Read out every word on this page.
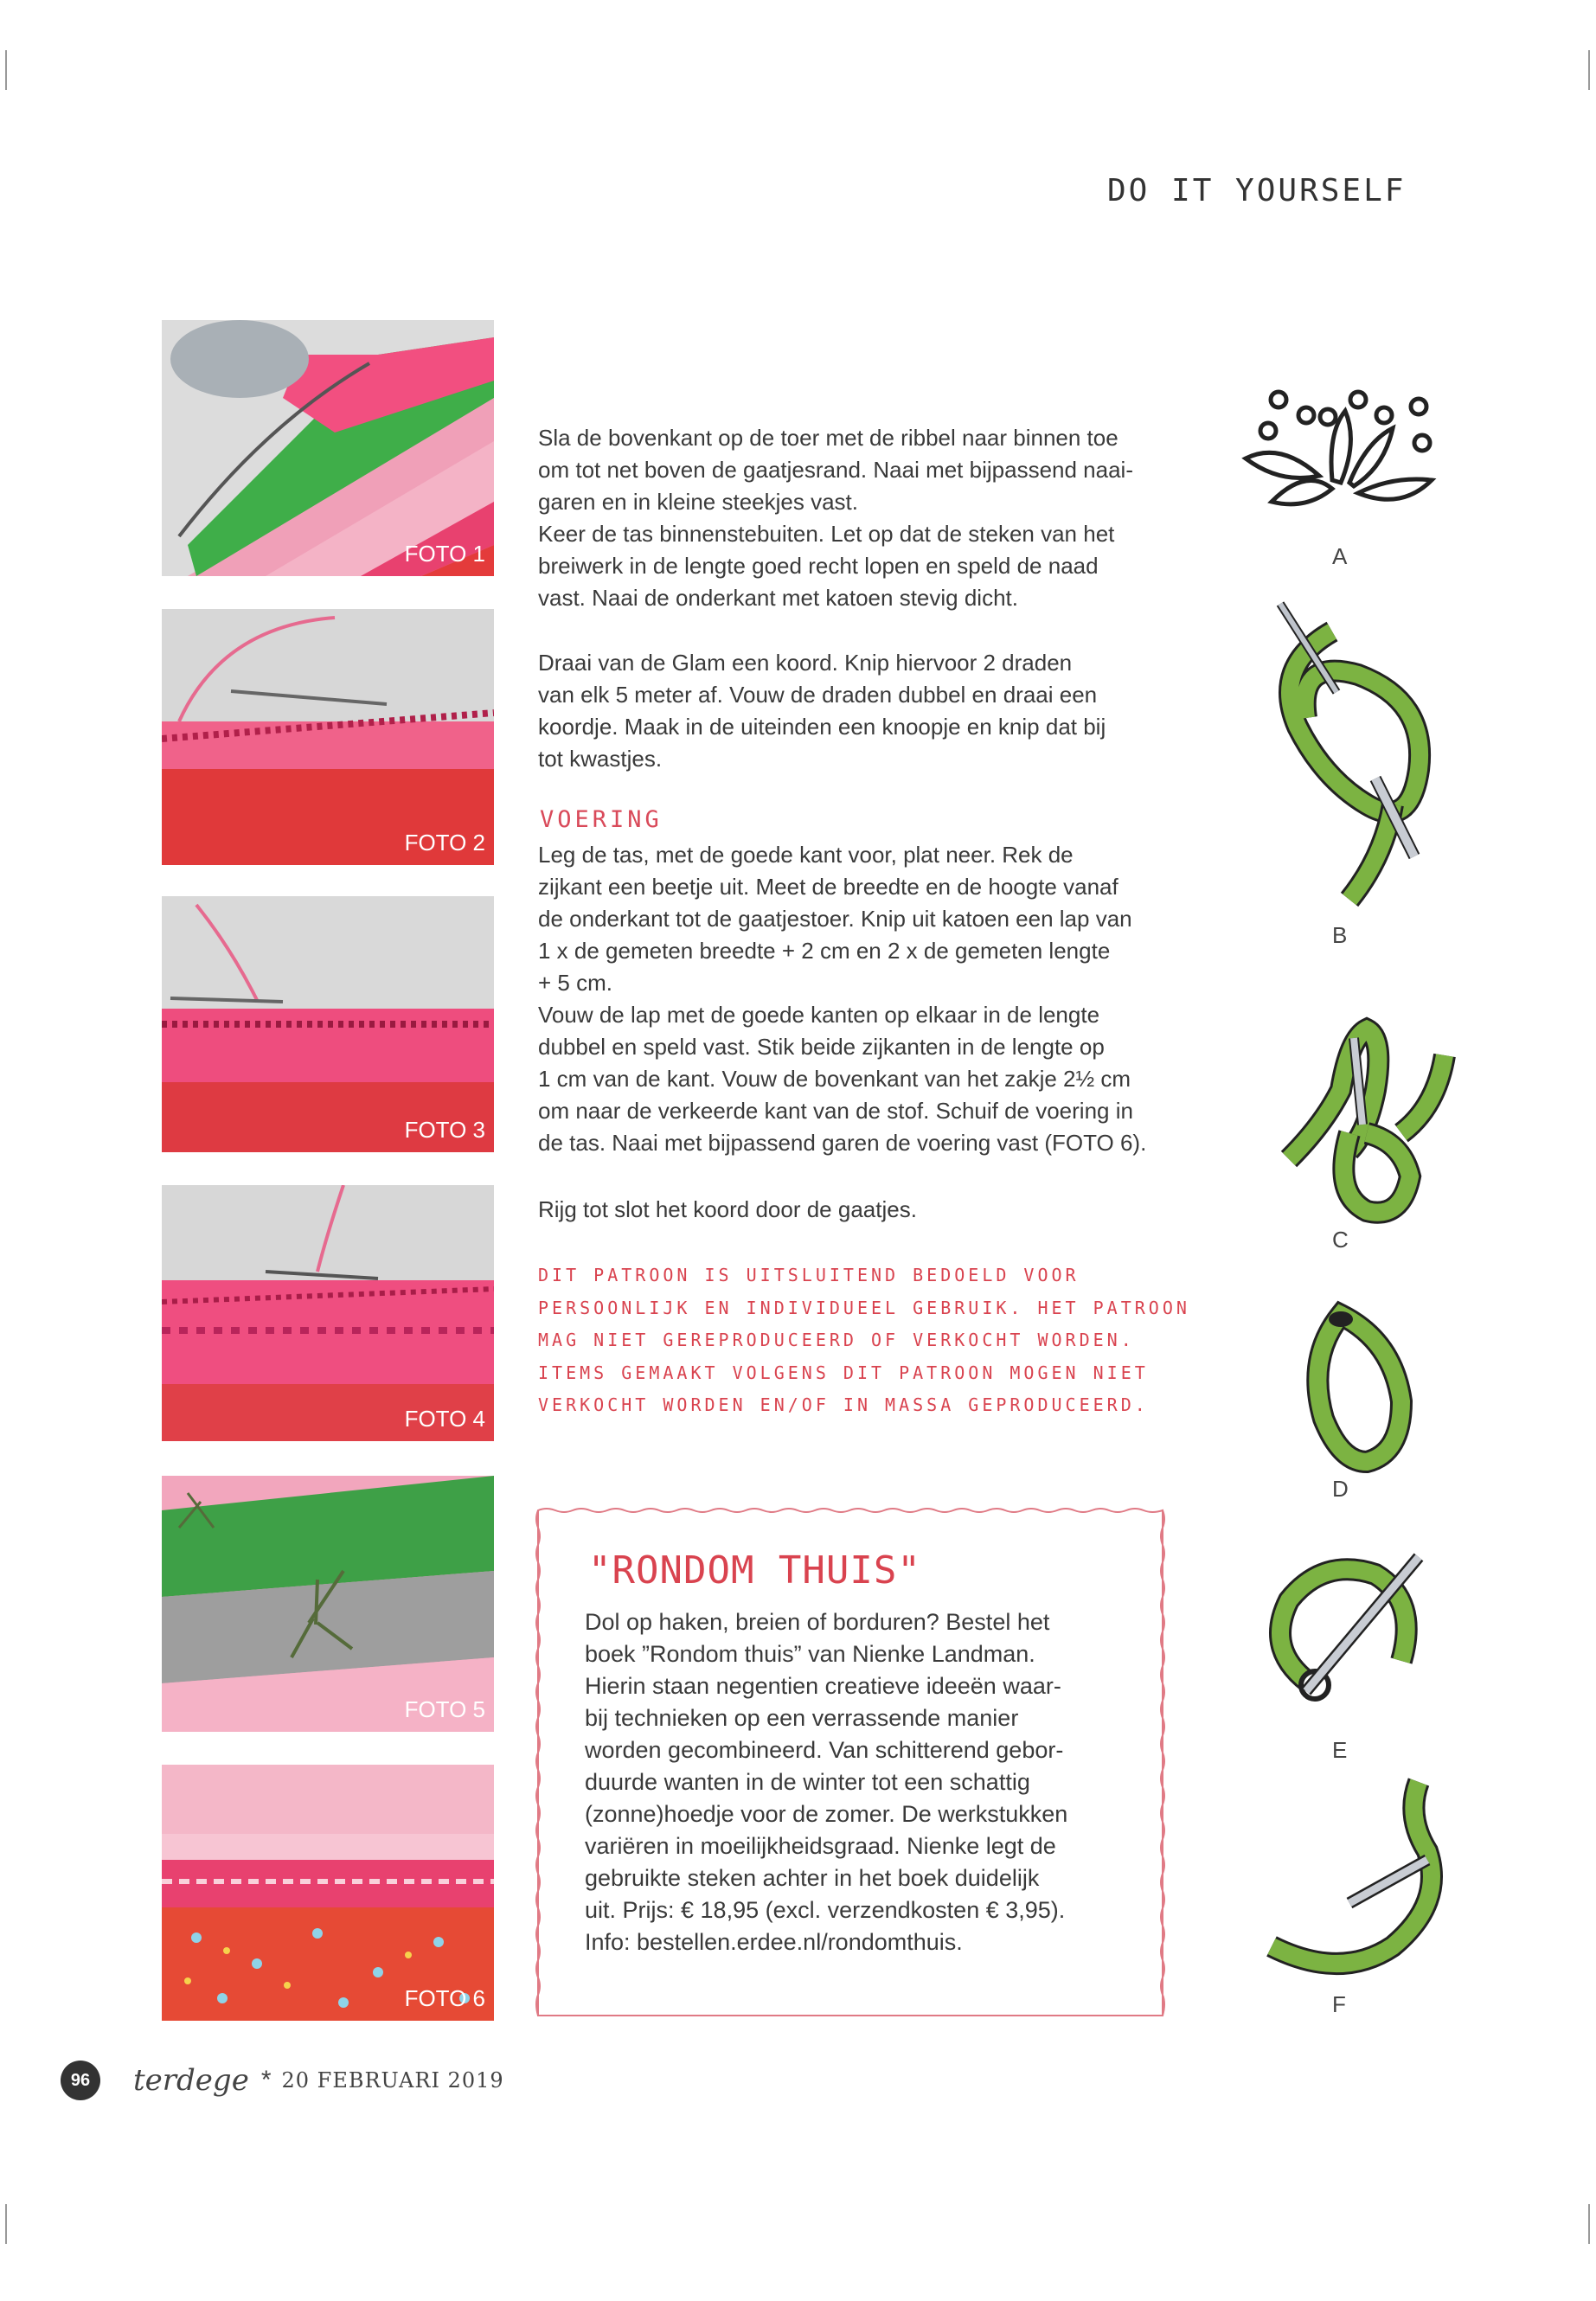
DO IT YOURSELF
FOTO 1
FOTO 2
FOTO 3
FOTO 4
FOTO 5
FOTO 6

Sla de bovenkant op de toer met de ribbel naar binnen toe

om tot net boven de gaatjesrand. Naai met bijpassend naai-

garen en in kleine steekjes vast.

Keer de tas binnenstebuiten. Let op dat de steken van het

breiwerk in de lengte goed recht lopen en speld de naad

vast. Naai de onderkant met katoen stevig dicht.

Draai van de Glam een koord. Knip hiervoor 2 draden

van elk 5 meter af. Vouw de draden dubbel en draai een

koordje. Maak in de uiteinden een knoopje en knip dat bij

tot kwastjes.

VOERING

Leg de tas, met de goede kant voor, plat neer. Rek de

zijkant een beetje uit. Meet de breedte en de hoogte vanaf

de onderkant tot de gaatjestoer. Knip uit katoen een lap van

1 x de gemeten breedte + 2 cm en 2 x de gemeten lengte

+ 5 cm.

Vouw de lap met de goede kanten op elkaar in de lengte

dubbel en speld vast. Stik beide zijkanten in de lengte op

1 cm van de kant. Vouw de bovenkant van het zakje 2½ cm

om naar de verkeerde kant van de stof. Schuif de voering in

de tas. Naai met bijpassend garen de voering vast (FOTO 6).

Rijg tot slot het koord door de gaatjes.

DIT PATROON IS UITSLUITEND BEDOELD VOOR
PERSOONLIJK EN INDIVIDUEEL GEBRUIK. HET PATROON
MAG NIET GEREPRODUCEERD OF VERKOCHT WORDEN.
ITEMS GEMAAKT VOLGENS DIT PATROON MOGEN NIET
VERKOCHT WORDEN EN/OF IN MASSA GEPRODUCEERD.
"RONDOM THUIS"
Dol op haken, breien of borduren? Bestel het
boek ”Rondom thuis” van Nienke Landman.
Hierin staan negentien creatieve ideeën waar-
bij technieken op een verrassende manier
worden gecombineerd. Van schitterend gebor-
duurde wanten in de winter tot een schattig
(zonne)hoedje voor de zomer. De werkstukken
variëren in moeilijkheidsgraad. Nienke legt de
gebruikte steken achter in het boek duidelijk
uit. Prijs: € 18,95 (excl. verzendkosten € 3,95).
Info: bestellen.erdee.nl/rondomthuis.
A
B
C
D
E
F
96	terdege * 20 FEBRUARI 2019
